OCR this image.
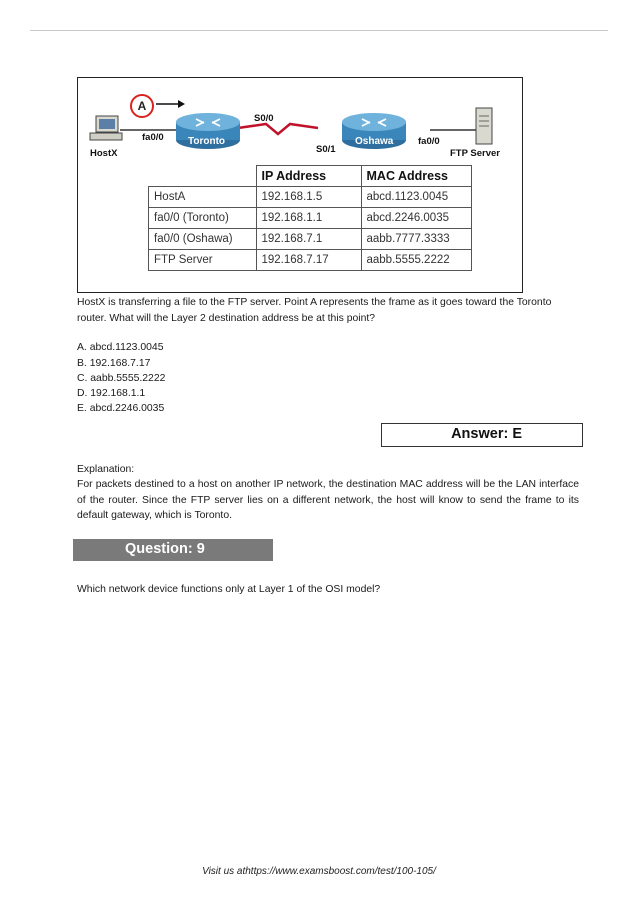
A
HostX
fa0/0 Toronto
S0/0
S0/1
Oshawa	fa0/0
FTP Server
	IP Address	MAC Address
HostA	192.168.1.5	abcd.1123.0045
fa0/0 (Toronto)	192.168.1.1	abcd.2246.0035
fa0/0 (Oshawa)	192.168.7.1	aabb.7777.3333
FTP Server	192.168.7.17	aabb.5555.2222
HostX is transferring a file to the FTP server. Point A represents the frame as it goes toward the Toronto
router. What will the Layer 2 destination address be at this point?
A. abcd.1123.0045
B. 192.168.7.17
C. aabb.5555.2222
D. 192.168.1.1
E. abcd.2246.0035
Answer: E
Explanation:
For packets destined to a host on another IP network, the destination MAC address will be the LAN interface of the router. Since the FTP server lies on a different network, the host will know to send the frame to its default gateway, which is Toronto.
Question: 9
Which network device functions only at Layer 1 of the OSI model?
Visit us athttps://www.examsboost.com/test/100-105/
